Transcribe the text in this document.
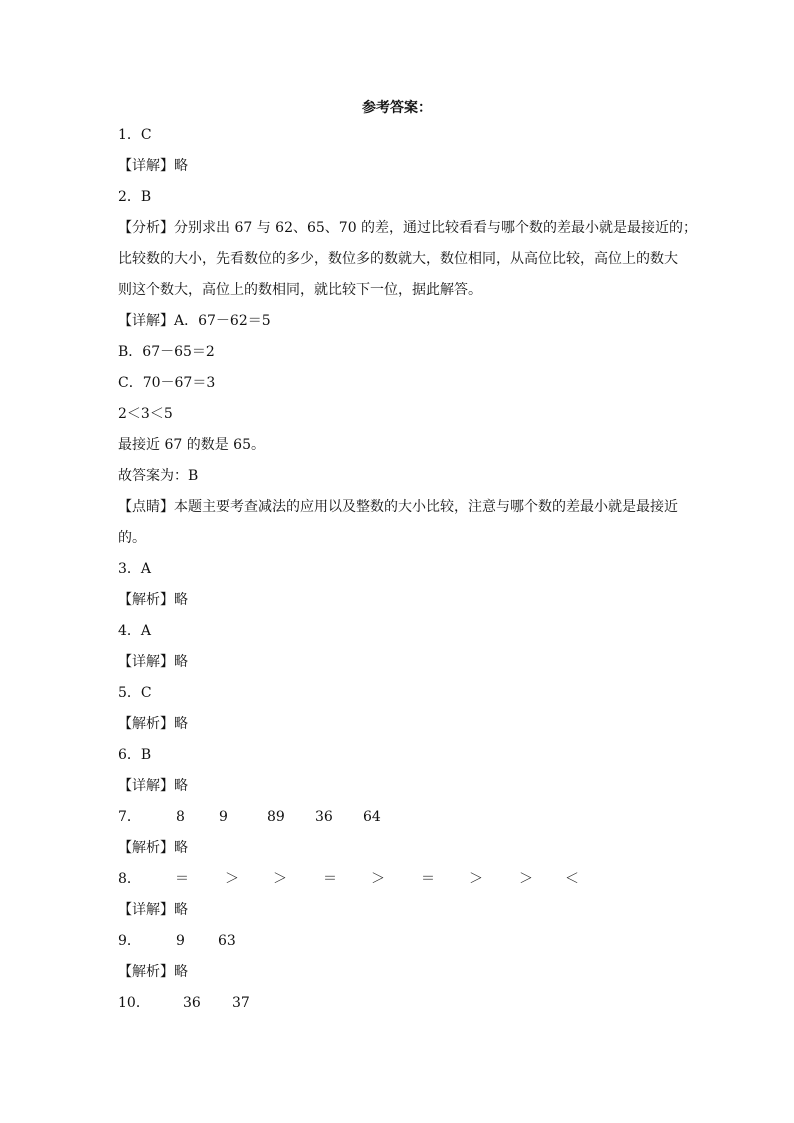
参考答案：
1．C
【详解】略
2．B
【分析】分别求出 67 与 62、65、70 的差，通过比较看看与哪个数的差最小就是最接近的；
比较数的大小，先看数位的多少，数位多的数就大，数位相同，从高位比较，高位上的数大
则这个数大，高位上的数相同，就比较下一位，据此解答。
【详解】A．67－62＝5
B．67－65＝2
C．70－67＝3
2＜3＜5
最接近 67 的数是 65。
故答案为：B
【点睛】本题主要考查减法的应用以及整数的大小比较，注意与哪个数的差最小就是最接近
的。
3．A
【解析】略
4．A
【详解】略
5．C
【解析】略
6．B
【详解】略
7．	8 9	89 36 64
【解析】略
8． ＝	＞ ＞	＝ ＞	＝ ＞	＞ ＜
【详解】略
9．	9 63
【解析】略
10． 36 37
